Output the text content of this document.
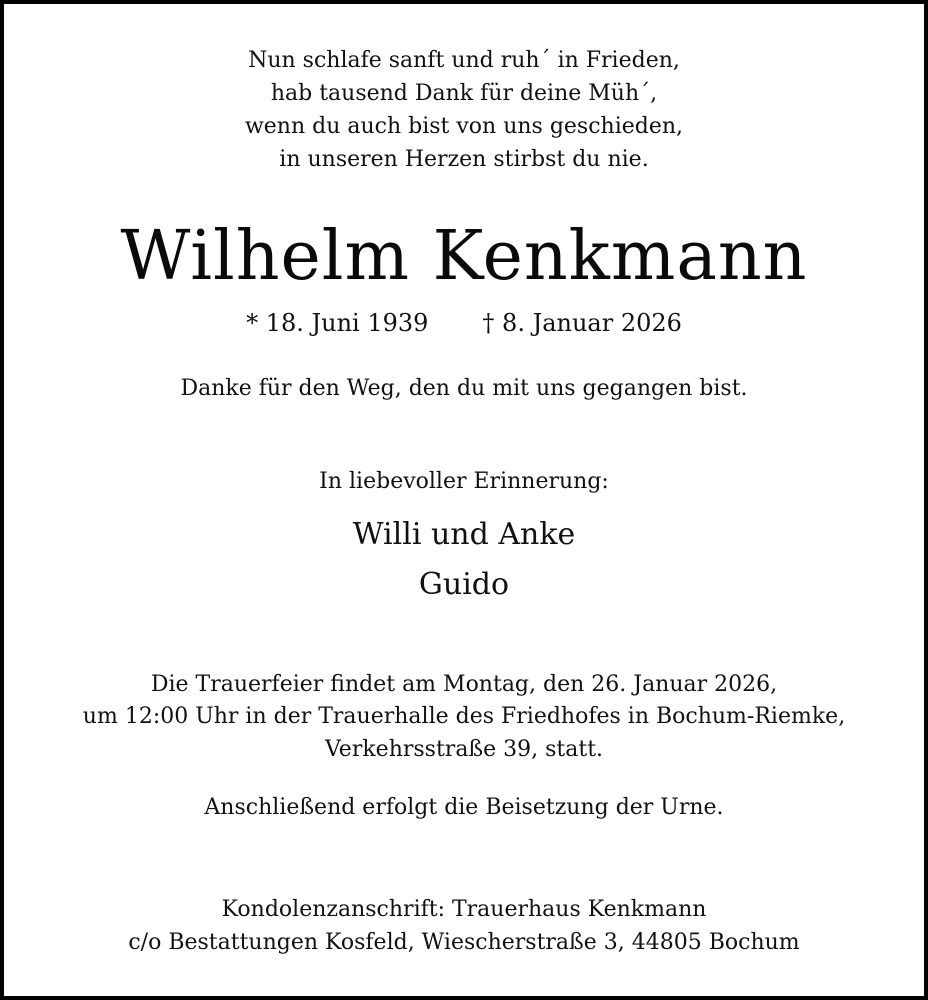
Nun schlafe sanft und ruh´ in Frieden,
hab tausend Dank für deine Müh´,
wenn du auch bist von uns geschieden,
in unseren Herzen stirbst du nie.
Wilhelm Kenkmann
* 18. Juni 1939 † 8. Januar 2026
Danke für den Weg, den du mit uns gegangen bist.
In liebevoller Erinnerung:
Willi und Anke
Guido
Die Trauerfeier findet am Montag, den 26. Januar 2026,
um 12:00 Uhr in der Trauerhalle des Friedhofes in Bochum-Riemke,
Verkehrsstraße 39, statt.
Anschließend erfolgt die Beisetzung der Urne.
Kondolenzanschrift: Trauerhaus Kenkmann
c/o Bestattungen Kosfeld, Wiescherstraße 3, 44805 Bochum
